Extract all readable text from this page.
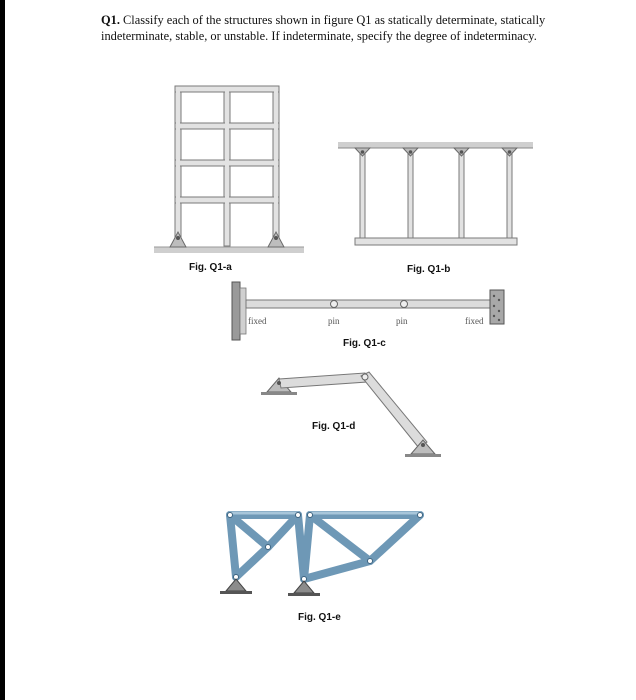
Q1. Classify each of the structures shown in figure Q1 as statically determinate, statically indeterminate, stable, or unstable. If indeterminate, specify the degree of indeterminacy.
Fig. Q1-a	Fig. Q1-b
fixed	pin	pin	fixed
Fig. Q1-c
Fig. Q1-d
Fig. Q1-e
